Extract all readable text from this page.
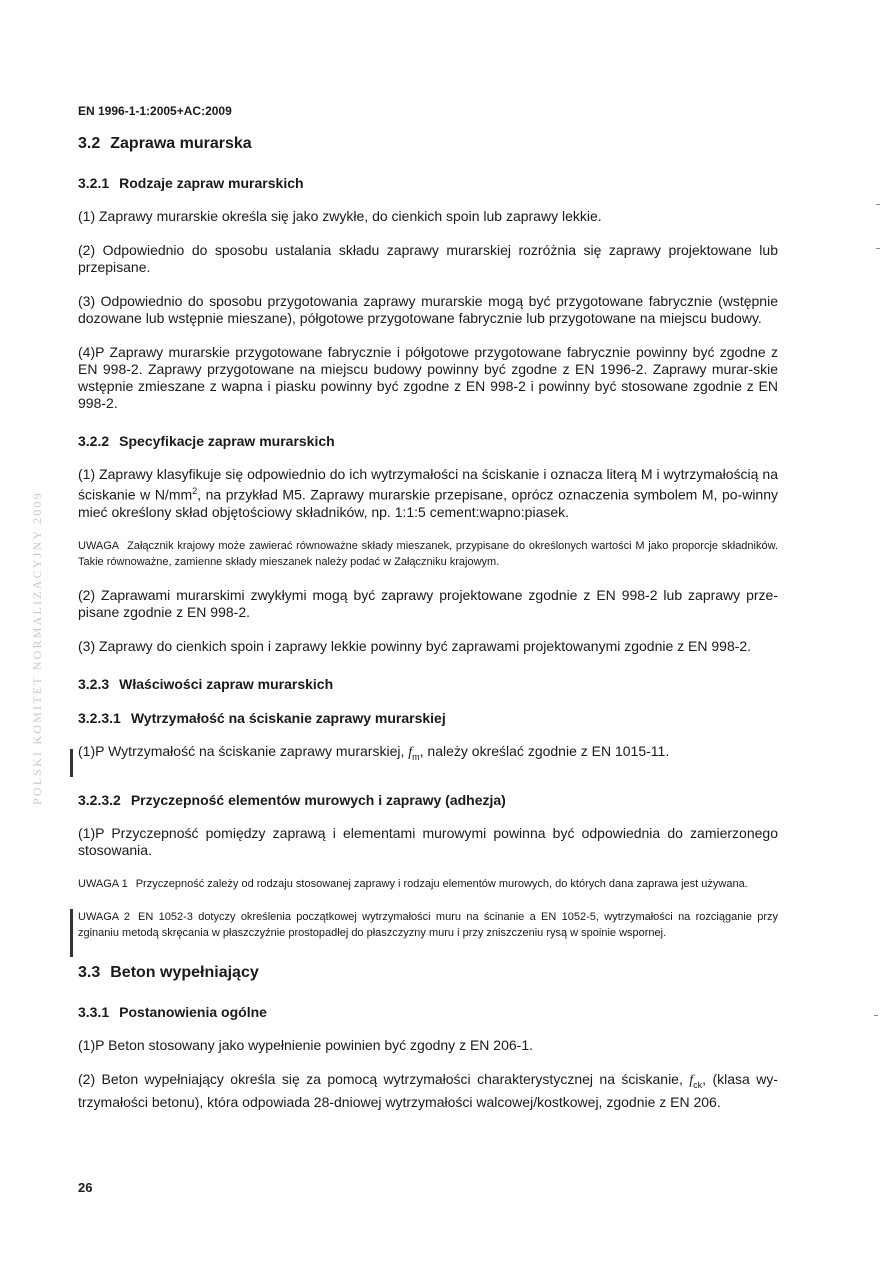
EN 1996-1-1:2005+AC:2009
POLSKI KOMITET NORMALIZACYJNY 2009
3.2 Zaprawa murarska
3.2.1 Rodzaje zapraw murarskich

(1) Zaprawy murarskie określa się jako zwykłe, do cienkich spoin lub zaprawy lekkie.

(2) Odpowiednio do sposobu ustalania składu zaprawy murarskiej rozróżnia się zaprawy projektowane lub przepisane.

(3) Odpowiednio do sposobu przygotowania zaprawy murarskie mogą być przygotowane fabrycznie (wstępnie dozowane lub wstępnie mieszane), półgotowe przygotowane fabrycznie lub przygotowane na miejscu budowy.

(4)P Zaprawy murarskie przygotowane fabrycznie i półgotowe przygotowane fabrycznie powinny być zgodne z EN 998-2. Zaprawy przygotowane na miejscu budowy powinny być zgodne z EN 1996-2. Zaprawy murar-skie wstępnie zmieszane z wapna i piasku powinny być zgodne z EN 998-2 i powinny być stosowane zgodnie z EN 998-2.

3.2.2 Specyfikacje zapraw murarskich

(1) Zaprawy klasyfikuje się odpowiednio do ich wytrzymałości na ściskanie i oznacza literą M i wytrzymałością na ściskanie w $N/mm^2$, na przykład M5. Zaprawy murarskie przepisane, oprócz oznaczenia symbolem M, po-winny mieć określony skład objętościowy składników, np. 1:1:5 cement:wapno:piasek.

UWAGA Załącznik krajowy może zawierać równoważne składy mieszanek, przypisane do określonych wartości M jako proporcje składników. Takie równoważne, zamienne składy mieszanek należy podać w Załączniku krajowym.

(2) Zaprawami murarskimi zwykłymi mogą być zaprawy projektowane zgodnie z EN 998-2 lub zaprawy prze-pisane zgodnie z EN 998-2.

(3) Zaprawy do cienkich spoin i zaprawy lekkie powinny być zaprawami projektowanymi zgodnie z EN 998-2.

3.2.3 Właściwości zapraw murarskich
3.2.3.1 Wytrzymałość na ściskanie zaprawy murarskiej

(1)P Wytrzymałość na ściskanie zaprawy murarskiej, $f_m$, należy określać zgodnie z EN 1015-11.

3.2.3.2 Przyczepność elementów murowych i zaprawy (adhezja)

(1)P Przyczepność pomiędzy zaprawą i elementami murowymi powinna być odpowiednia do zamierzonego stosowania.

UWAGA 1 Przyczepność zależy od rodzaju stosowanej zaprawy i rodzaju elementów murowych, do których dana zaprawa jest używana.
UWAGA 2 EN 1052-3 dotyczy określenia początkowej wytrzymałości muru na ścinanie a EN 1052-5, wytrzymałości na rozciąganie przy zginaniu metodą skręcania w płaszczyźnie prostopadłej do płaszczyzny muru i przy zniszczeniu rysą w spoinie wspornej.
3.3 Beton wypełniający
3.3.1 Postanowienia ogólne

(1)P Beton stosowany jako wypełnienie powinien być zgodny z EN 206-1.

(2) Beton wypełniający określa się za pomocą wytrzymałości charakterystycznej na ściskanie, $f_{ck}$, (klasa wy-trzymałości betonu), która odpowiada 28-dniowej wytrzymałości walcowej/kostkowej, zgodnie z EN 206.

26
